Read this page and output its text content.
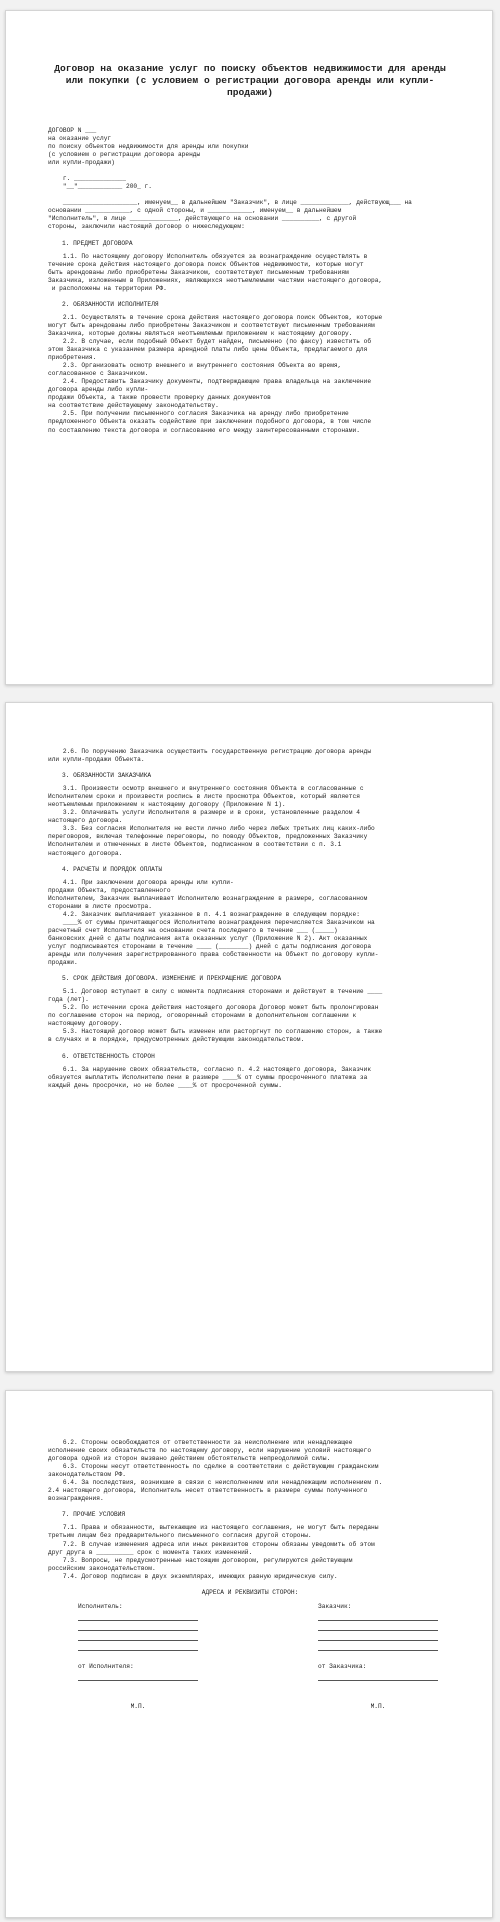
Договор на оказание услуг по поиску объектов недвижимости для аренды или покупки (с условием о регистрации договора аренды или купли-продажи)
ДОГОВОР N ___
на оказание услуг
по поиску объектов недвижимости для аренды или покупки
(с условием о регистрации договора аренды
или купли-продажи)
г. ______________
"__"____________ 200_ г.
____________________, именуем__ в дальнейшем "Заказчик", в лице _____________, действующ___ на
основании ____________, с одной стороны, и ____________, именуем__ в дальнейшем
"Исполнитель", в лице _____________, действующего на основании __________, с другой
стороны, заключили настоящий договор о нижеследующем:
1. ПРЕДМЕТ ДОГОВОРА
1.1. По настоящему договору Исполнитель обязуется за вознаграждение осуществлять в
течение срока действия настоящего договора поиск Объектов недвижимости, которые могут
быть арендованы либо приобретены Заказчиком, соответствуют письменным требованиям
Заказчика, изложенным в Приложениях, являющихся неотъемлемыми частями настоящего договора,
и расположены на территории РФ.
2. ОБЯЗАННОСТИ ИСПОЛНИТЕЛЯ
2.1. Осуществлять в течение срока действия настоящего договора поиск Объектов, которые
могут быть арендованы либо приобретены Заказчиком и соответствуют письменным требованиям
Заказчика, которые должны являться неотъемлемым приложением к настоящему договору.
2.2. В случае, если подобный Объект будет найден, письменно (по факсу) известить об
этом Заказчика с указанием размера арендной платы либо цены Объекта, предлагаемого для
приобретения.
2.3. Организовать осмотр внешнего и внутреннего состояния Объекта во время,
согласованное с Заказчиком.
2.4. Предоставить Заказчику документы, подтверждающие права владельца на заключение
договора аренды либо купли-
продажи Объекта, а также провести проверку данных документов
на соответствие действующему законодательству.
2.5. При получении письменного согласия Заказчика на аренду либо приобретение
предложенного Объекта оказать содействие при заключении подобного договора, в том числе
по составлению текста договора и согласованию его между заинтересованными сторонами.
2.6. По поручению Заказчика осуществить государственную регистрацию договора аренды
или купли-продажи Объекта.
3. ОБЯЗАННОСТИ ЗАКАЗЧИКА
3.1. Произвести осмотр внешнего и внутреннего состояния Объекта в согласованные с
Исполнителем сроки и произвести роспись в листе просмотра Объектов, который является
неотъемлемым приложением к настоящему договору (Приложение N 1).
3.2. Оплачивать услуги Исполнителя в размере и в сроки, установленные разделом 4
настоящего договора.
3.3. Без согласия Исполнителя не вести лично либо через любых третьих лиц каких-либо
переговоров, включая телефонные переговоры, по поводу Объектов, предложенных Заказчику
Исполнителем и отмеченных в листе Объектов, подписанном в соответствии с п. 3.1
настоящего договора.
4. РАСЧЕТЫ И ПОРЯДОК ОПЛАТЫ
4.1. При заключении договора аренды или купли-
продажи Объекта, предоставленного
Исполнителем, Заказчик выплачивает Исполнителю вознаграждение в размере, согласованном
сторонами в листе просмотра.
4.2. Заказчик выплачивает указанное в п. 4.1 вознаграждение в следующем порядке:
____% от суммы причитающегося Исполнителю вознаграждения перечисляется Заказчиком на
расчетный счет Исполнителя на основании счета последнего в течение ___ (_____)
банковских дней с даты подписания акта оказанных услуг (Приложение N 2). Акт оказанных
услуг подписывается сторонами в течение ____ (________) дней с даты подписания договора
аренды или получения зарегистрированного права собственности на Объект по договору купли-
продажи.
5. СРОК ДЕЙСТВИЯ ДОГОВОРА. ИЗМЕНЕНИЕ И ПРЕКРАЩЕНИЕ ДОГОВОРА
5.1. Договор вступает в силу с момента подписания сторонами и действует в течение ____
года (лет).
5.2. По истечении срока действия настоящего договора Договор может быть пролонгирован
по соглашению сторон на период, оговоренный сторонами в дополнительном соглашении к
настоящему договору.
5.3. Настоящий договор может быть изменен или расторгнут по соглашению сторон, а также
в случаях и в порядке, предусмотренных действующим законодательством.
6. ОТВЕТСТВЕННОСТЬ СТОРОН
6.1. За нарушение своих обязательств, согласно п. 4.2 настоящего договора, Заказчик
обязуется выплатить Исполнителю пени в размере ____% от суммы просроченного платежа за
каждый день просрочки, но не более ____% от просроченной суммы.
6.2. Стороны освобождаются от ответственности за неисполнение или ненадлежащее
исполнение своих обязательств по настоящему договору, если нарушение условий настоящего
договора одной из сторон вызвано действием обстоятельств непреодолимой силы.
6.3. Стороны несут ответственность по сделке в соответствии с действующим гражданским
законодательством РФ.
6.4. За последствия, возникшие в связи с неисполнением или ненадлежащим исполнением п.
2.4 настоящего договора, Исполнитель несет ответственность в размере суммы полученного
вознаграждения.
7. ПРОЧИЕ УСЛОВИЯ
7.1. Права и обязанности, вытекающие из настоящего соглашения, не могут быть переданы
третьим лицам без предварительного письменного согласия другой стороны.
7.2. В случае изменения адреса или иных реквизитов стороны обязаны уведомить об этом
друг друга в __________ срок с момента таких изменений.
7.3. Вопросы, не предусмотренные настоящим договором, регулируются действующим
российским законодательством.
7.4. Договор подписан в двух экземплярах, имеющих равную юридическую силу.
АДРЕСА И РЕКВИЗИТЫ СТОРОН:
Исполнитель:
от Исполнителя:
М.П.
Заказчик:
от Заказчика:
М.П.
